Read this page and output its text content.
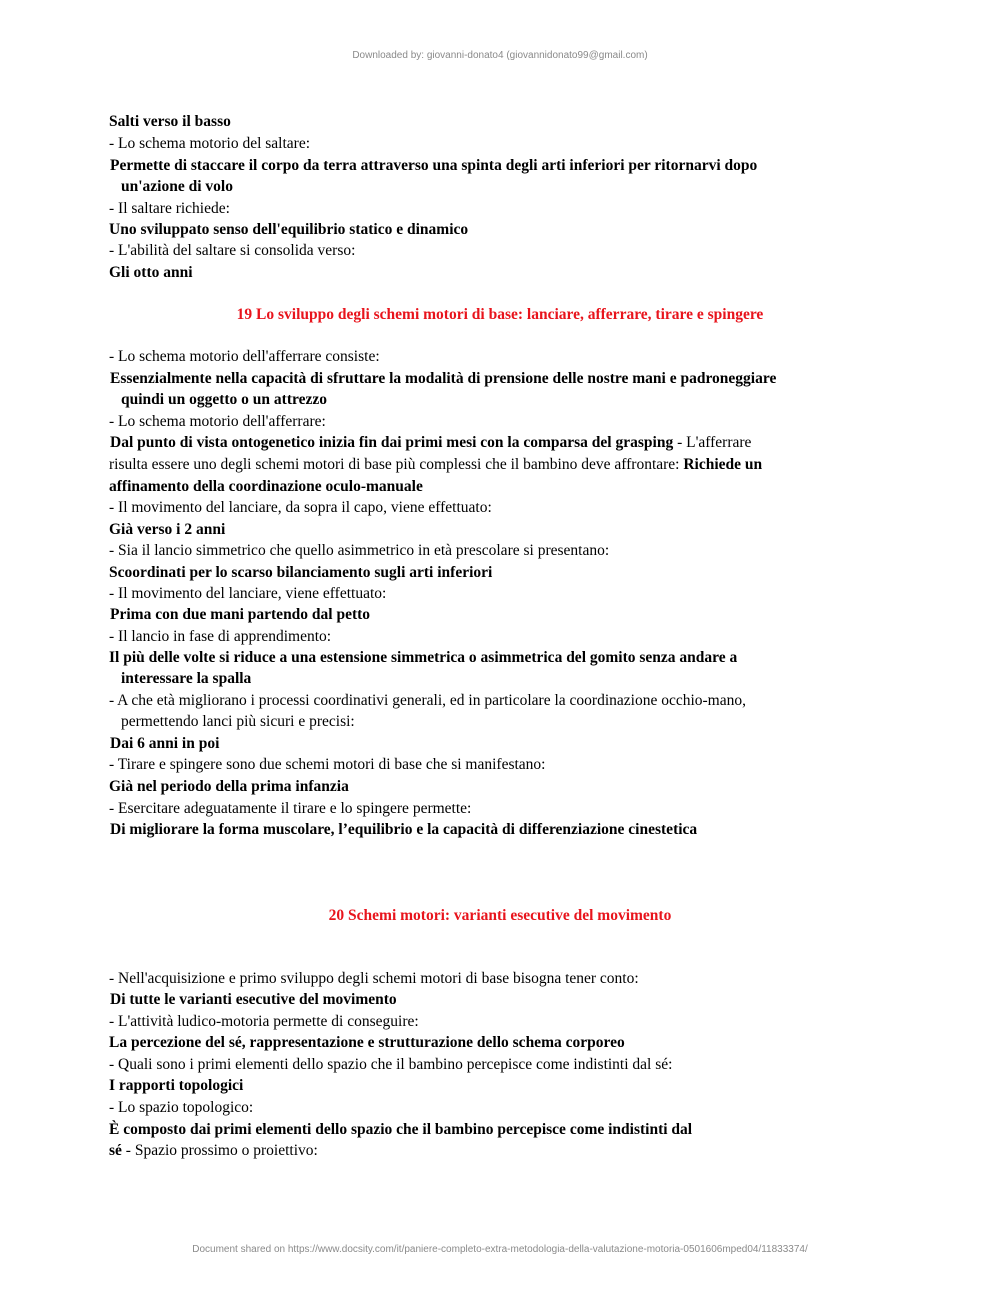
Downloaded by: giovanni-donato4 (giovannidonato99@gmail.com)
Salti verso il basso
- Lo schema motorio del saltare:
Permette di staccare il corpo da terra attraverso una spinta degli arti inferiori per ritornarvi dopo
un'azione di volo
- Il saltare richiede:
Uno sviluppato senso dell'equilibrio statico e dinamico
- L'abilità del saltare si consolida verso:
Gli otto anni
19 Lo sviluppo degli schemi motori di base: lanciare, afferrare, tirare e spingere
- Lo schema motorio dell'afferrare consiste:
Essenzialmente nella capacità di sfruttare la modalità di prensione delle nostre mani e padroneggiare
quindi un oggetto o un attrezzo
- Lo schema motorio dell'afferrare:
Dal punto di vista ontogenetico inizia fin dai primi mesi con la comparsa del grasping - L'afferrare
risulta essere uno degli schemi motori di base più complessi che il bambino deve affrontare: Richiede un
affinamento della coordinazione oculo-manuale
- Il movimento del lanciare, da sopra il capo, viene effettuato:
Già verso i 2 anni
- Sia il lancio simmetrico che quello asimmetrico in età prescolare si presentano:
Scoordinati per lo scarso bilanciamento sugli arti inferiori
- Il movimento del lanciare, viene effettuato:
Prima con due mani partendo dal petto
- Il lancio in fase di apprendimento:
Il più delle volte si riduce a una estensione simmetrica o asimmetrica del gomito senza andare a
interessare la spalla
- A che età migliorano i processi coordinativi generali, ed in particolare la coordinazione occhio-mano,
permettendo lanci più sicuri e precisi:
Dai 6 anni in poi
- Tirare e spingere sono due schemi motori di base che si manifestano:
Già nel periodo della prima infanzia
- Esercitare adeguatamente il tirare e lo spingere permette:
Di migliorare la forma muscolare, l’equilibrio e la capacità di differenziazione cinestetica
20 Schemi motori: varianti esecutive del movimento
- Nell'acquisizione e primo sviluppo degli schemi motori di base bisogna tener conto:
Di tutte le varianti esecutive del movimento
- L'attività ludico-motoria permette di conseguire:
La percezione del sé, rappresentazione e strutturazione dello schema corporeo
- Quali sono i primi elementi dello spazio che il bambino percepisce come indistinti dal sé:
I rapporti topologici
- Lo spazio topologico:
È composto dai primi elementi dello spazio che il bambino percepisce come indistinti dal
sé - Spazio prossimo o proiettivo:
Document shared on https://www.docsity.com/it/paniere-completo-extra-metodologia-della-valutazione-motoria-0501606mped04/11833374/
